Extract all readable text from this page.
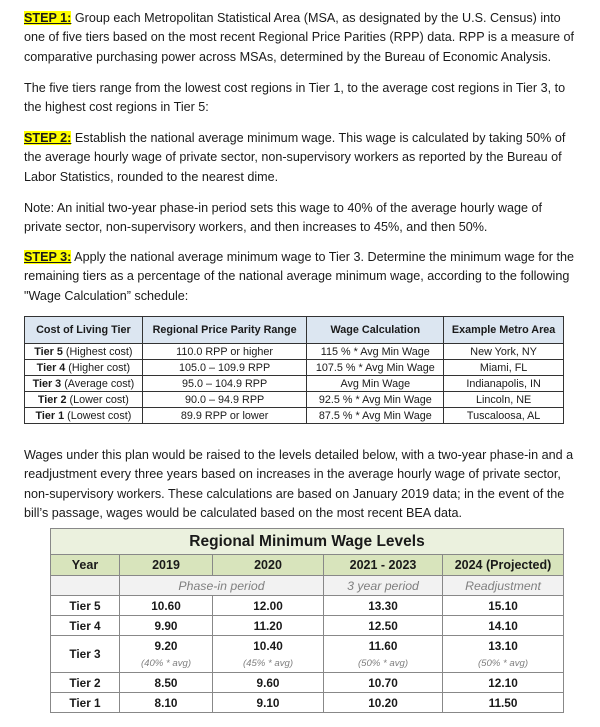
STEP 1: Group each Metropolitan Statistical Area (MSA, as designated by the U.S. Census) into one of five tiers based on the most recent Regional Price Parities (RPP) data. RPP is a measure of comparative purchasing power across MSAs, determined by the Bureau of Economic Analysis.

The five tiers range from the lowest cost regions in Tier 1, to the average cost regions in Tier 3, to the highest cost regions in Tier 5:

STEP 2: Establish the national average minimum wage. This wage is calculated by taking 50% of the average hourly wage of private sector, non-supervisory workers as reported by the Bureau of Labor Statistics, rounded to the nearest dime.

Note: An initial two-year phase-in period sets this wage to 40% of the average hourly wage of private sector, non-supervisory workers, and then increases to 45%, and then 50%.

STEP 3: Apply the national average minimum wage to Tier 3. Determine the minimum wage for the remaining tiers as a percentage of the national average minimum wage, according to the following "Wage Calculation” schedule:

Cost of Living Tier	Regional Price Parity Range	Wage Calculation	Example Metro Area
Tier 5 (Highest cost)	110.0 RPP or higher	115 % * Avg Min Wage	New York, NY
Tier 4 (Higher cost)	105.0 – 109.9 RPP	107.5 % * Avg Min Wage	Miami, FL
Tier 3 (Average cost)	95.0 – 104.9 RPP	Avg Min Wage	Indianapolis, IN
Tier 2 (Lower cost)	90.0 – 94.9 RPP	92.5 % * Avg Min Wage	Lincoln, NE
Tier 1 (Lowest cost)	89.9 RPP or lower	87.5 % * Avg Min Wage	Tuscaloosa, AL

Wages under this plan would be raised to the levels detailed below, with a two-year phase-in and a readjustment every three years based on increases in the average hourly wage of private sector, non-supervisory workers. These calculations are based on January 2019 data; in the event of the bill’s passage, wages would be calculated based on the most recent BEA data.

Regional Minimum Wage Levels				
Year	2019	2020	2021 - 2023	2024 (Projected)
	Phase-in period		3 year period	Readjustment
Tier 5	10.60	12.00	13.30	15.10
Tier 4	9.90	11.20	12.50	14.10
Tier 3	9.20	10.40	11.60	13.10
	(40% * avg)	(45% * avg)	(50% * avg)	(50% * avg)
Tier 2	8.50	9.60	10.70	12.10
Tier 1	8.10	9.10	10.20	11.50
